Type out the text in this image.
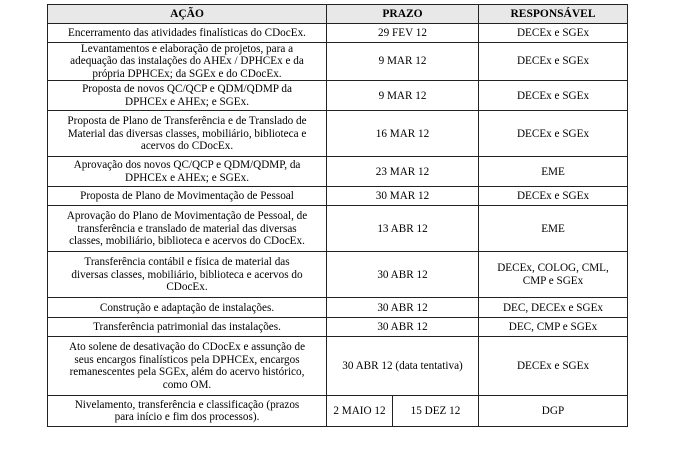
AÇÃO	PRAZO		RESPONSÁVEL
Encerramento das atividades finalísticas do CDocEx.	29 FEV 12		DECEx e SGEx
Levantamentos e elaboração de projetos, para a
adequação das instalações do AHEx / DPHCEx e da
própria DPHCEx; da SGEx e do CDocEx.	9 MAR 12		DECEx e SGEx
Proposta de novos QC/QCP e QDM/QDMP da
DPHCEx e AHEx; e SGEx.	9 MAR 12		DECEx e SGEx
Proposta de Plano de Transferência e de Translado de
Material das diversas classes, mobiliário, biblioteca e
acervos do CDocEx.	16 MAR 12		DECEx e SGEx
Aprovação dos novos QC/QCP e QDM/QDMP, da
DPHCEx e AHEx; e SGEx.	23 MAR 12		EME
Proposta de Plano de Movimentação de Pessoal	30 MAR 12		DECEx e SGEx
Aprovação do Plano de Movimentação de Pessoal, de
transferência e translado de material das diversas
classes, mobiliário, biblioteca e acervos do CDocEx.	13 ABR 12		EME
Transferência contábil e física de material das
diversas classes, mobiliário, biblioteca e acervos do
CDocEx.	30 ABR 12		DECEx, COLOG, CML,
CMP e SGEx
Construção e adaptação de instalações.	30 ABR 12		DEC, DECEx e SGEx
Transferência patrimonial das instalações.	30 ABR 12		DEC, CMP e SGEx
Ato solene de desativação do CDocEx e assunção de
seus encargos finalísticos pela DPHCEx, encargos
remanescentes pela SGEx, além do acervo histórico,
como OM.	30 ABR 12 (data tentativa)		DECEx e SGEx
Nivelamento, transferência e classificação (prazos
para início e fim dos processos).	2 MAIO 12	15 DEZ 12	DGP
